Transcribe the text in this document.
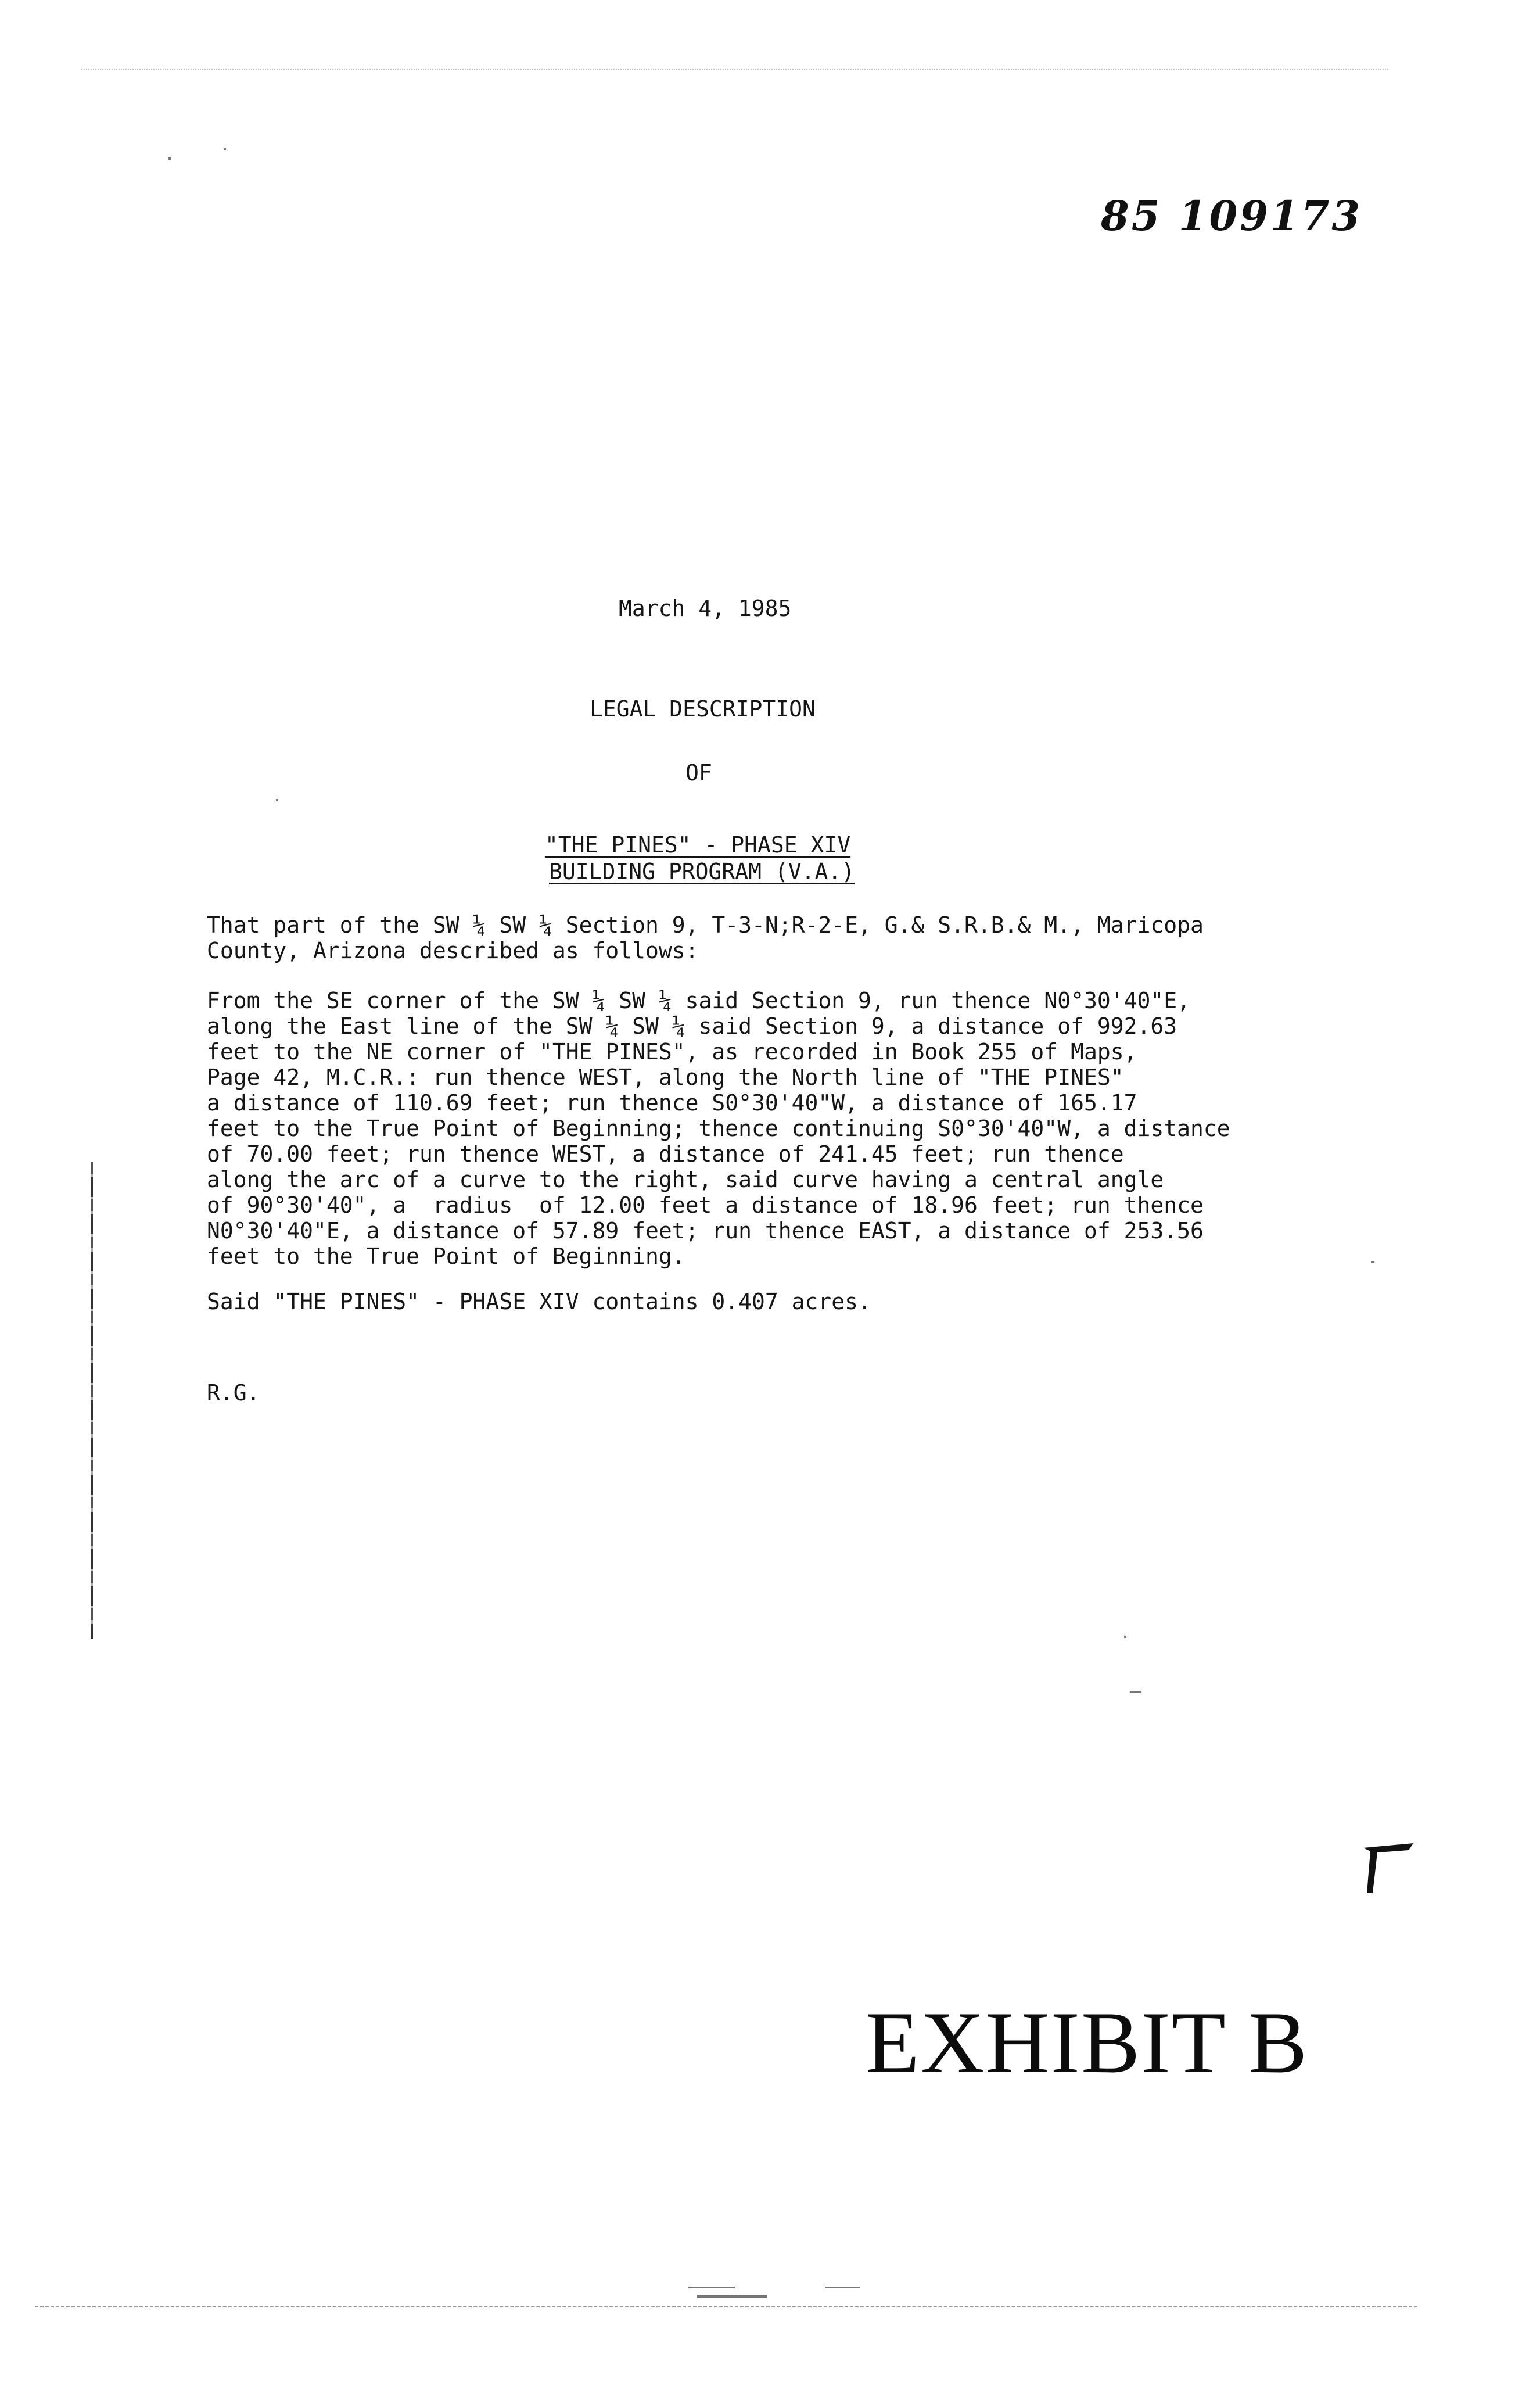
85 109173
March 4, 1985
LEGAL DESCRIPTION
OF
"THE PINES" - PHASE XIV
BUILDING PROGRAM (V.A.)
That part of the SW ¼ SW ¼ Section 9, T-3-N;R-2-E, G.& S.R.B.& M., Maricopa
County, Arizona described as follows:
From the SE corner of the SW ¼ SW ¼ said Section 9, run thence N0°30'40"E,
along the East line of the SW ¼ SW ¼ said Section 9, a distance of 992.63
feet to the NE corner of "THE PINES", as recorded in Book 255 of Maps,
Page 42, M.C.R.: run thence WEST, along the North line of "THE PINES"
a distance of 110.69 feet; run thence S0°30'40"W, a distance of 165.17
feet to the True Point of Beginning; thence continuing S0°30'40"W, a distance
of 70.00 feet; run thence WEST, a distance of 241.45 feet; run thence
along the arc of a curve to the right, said curve having a central angle
of 90°30'40", a  radius  of 12.00 feet a distance of 18.96 feet; run thence
N0°30'40"E, a distance of 57.89 feet; run thence EAST, a distance of 253.56
feet to the True Point of Beginning.
Said "THE PINES" - PHASE XIV contains 0.407 acres.
R.G.
EXHIBIT B
